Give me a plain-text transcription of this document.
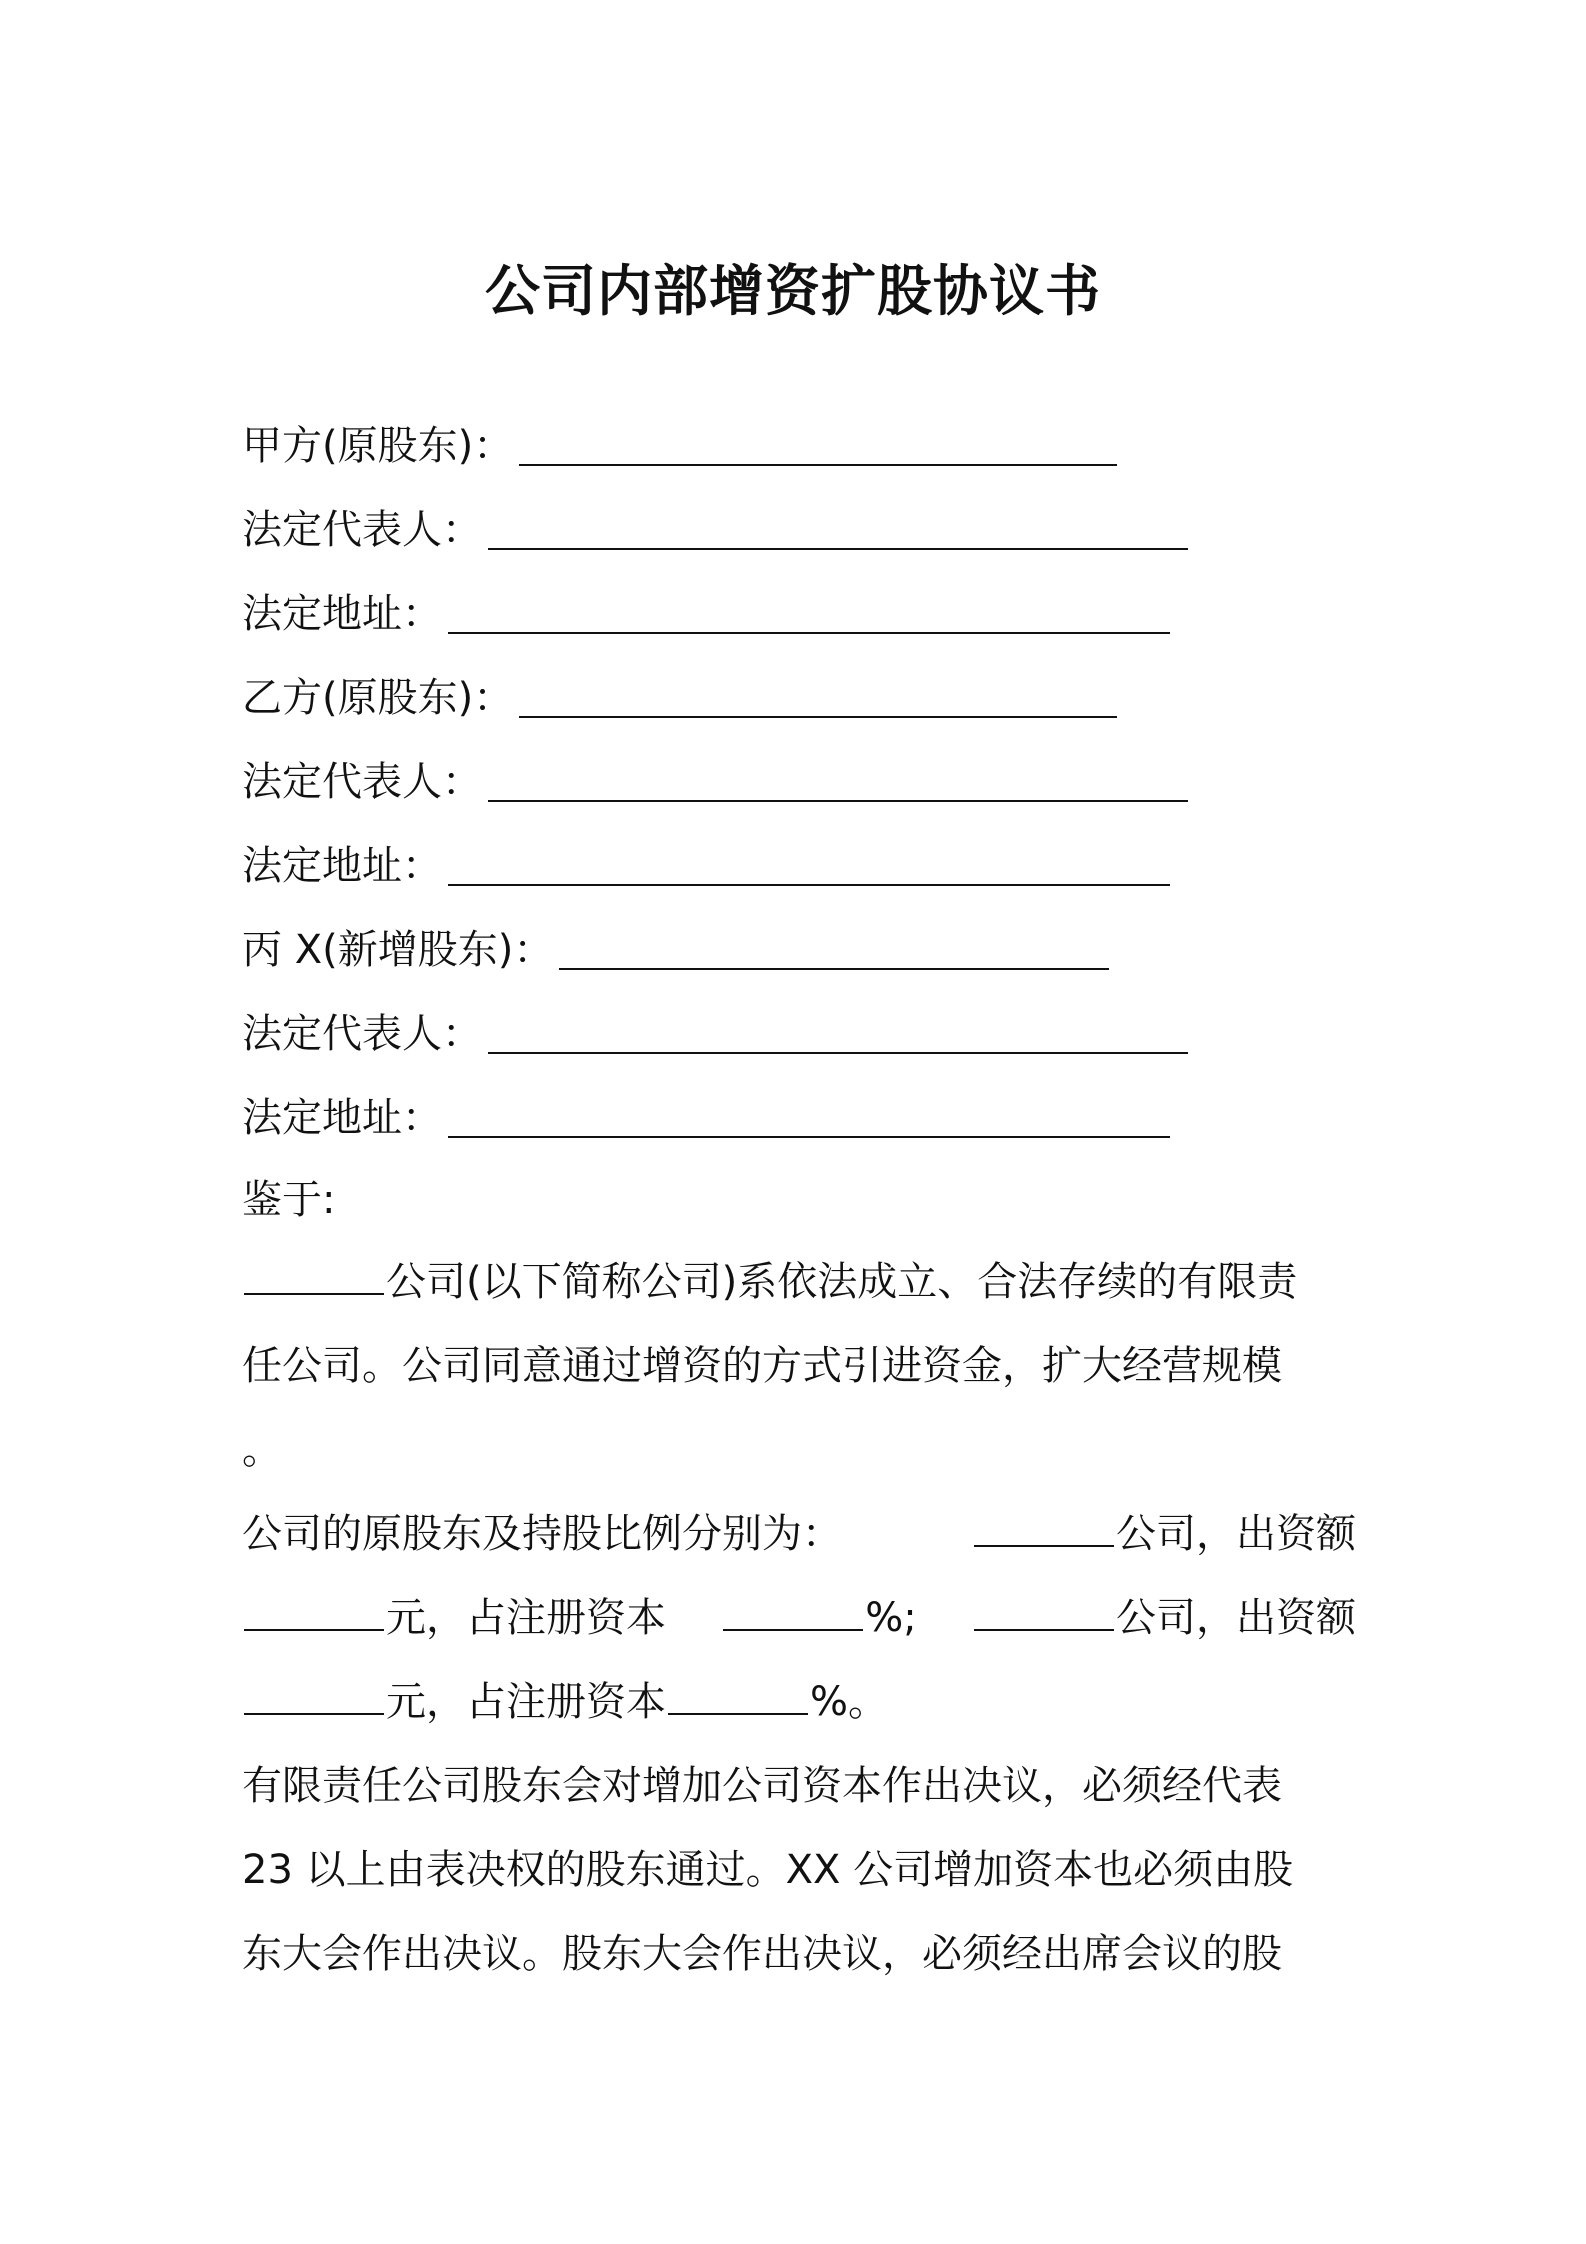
公司内部增资扩股协议书
甲方(原股东)：
法定代表人：
法定地址：
乙方(原股东)：
法定代表人：
法定地址：
丙 X(新增股东)：
法定代表人：
法定地址：
鉴于:
公司(以下简称公司)系依法成立、合法存续的有限责
任公司。公司同意通过增资的方式引进资金，扩大经营规模
。
公司的原股东及持股比例分别为：	公司，出资额
元，占注册资本	%;	公司，出资额
元，占注册资本	%。
有限责任公司股东会对增加公司资本作出决议，必须经代表
23 以上由表决权的股东通过。XX 公司增加资本也必须由股
东大会作出决议。股东大会作出决议，必须经出席会议的股
